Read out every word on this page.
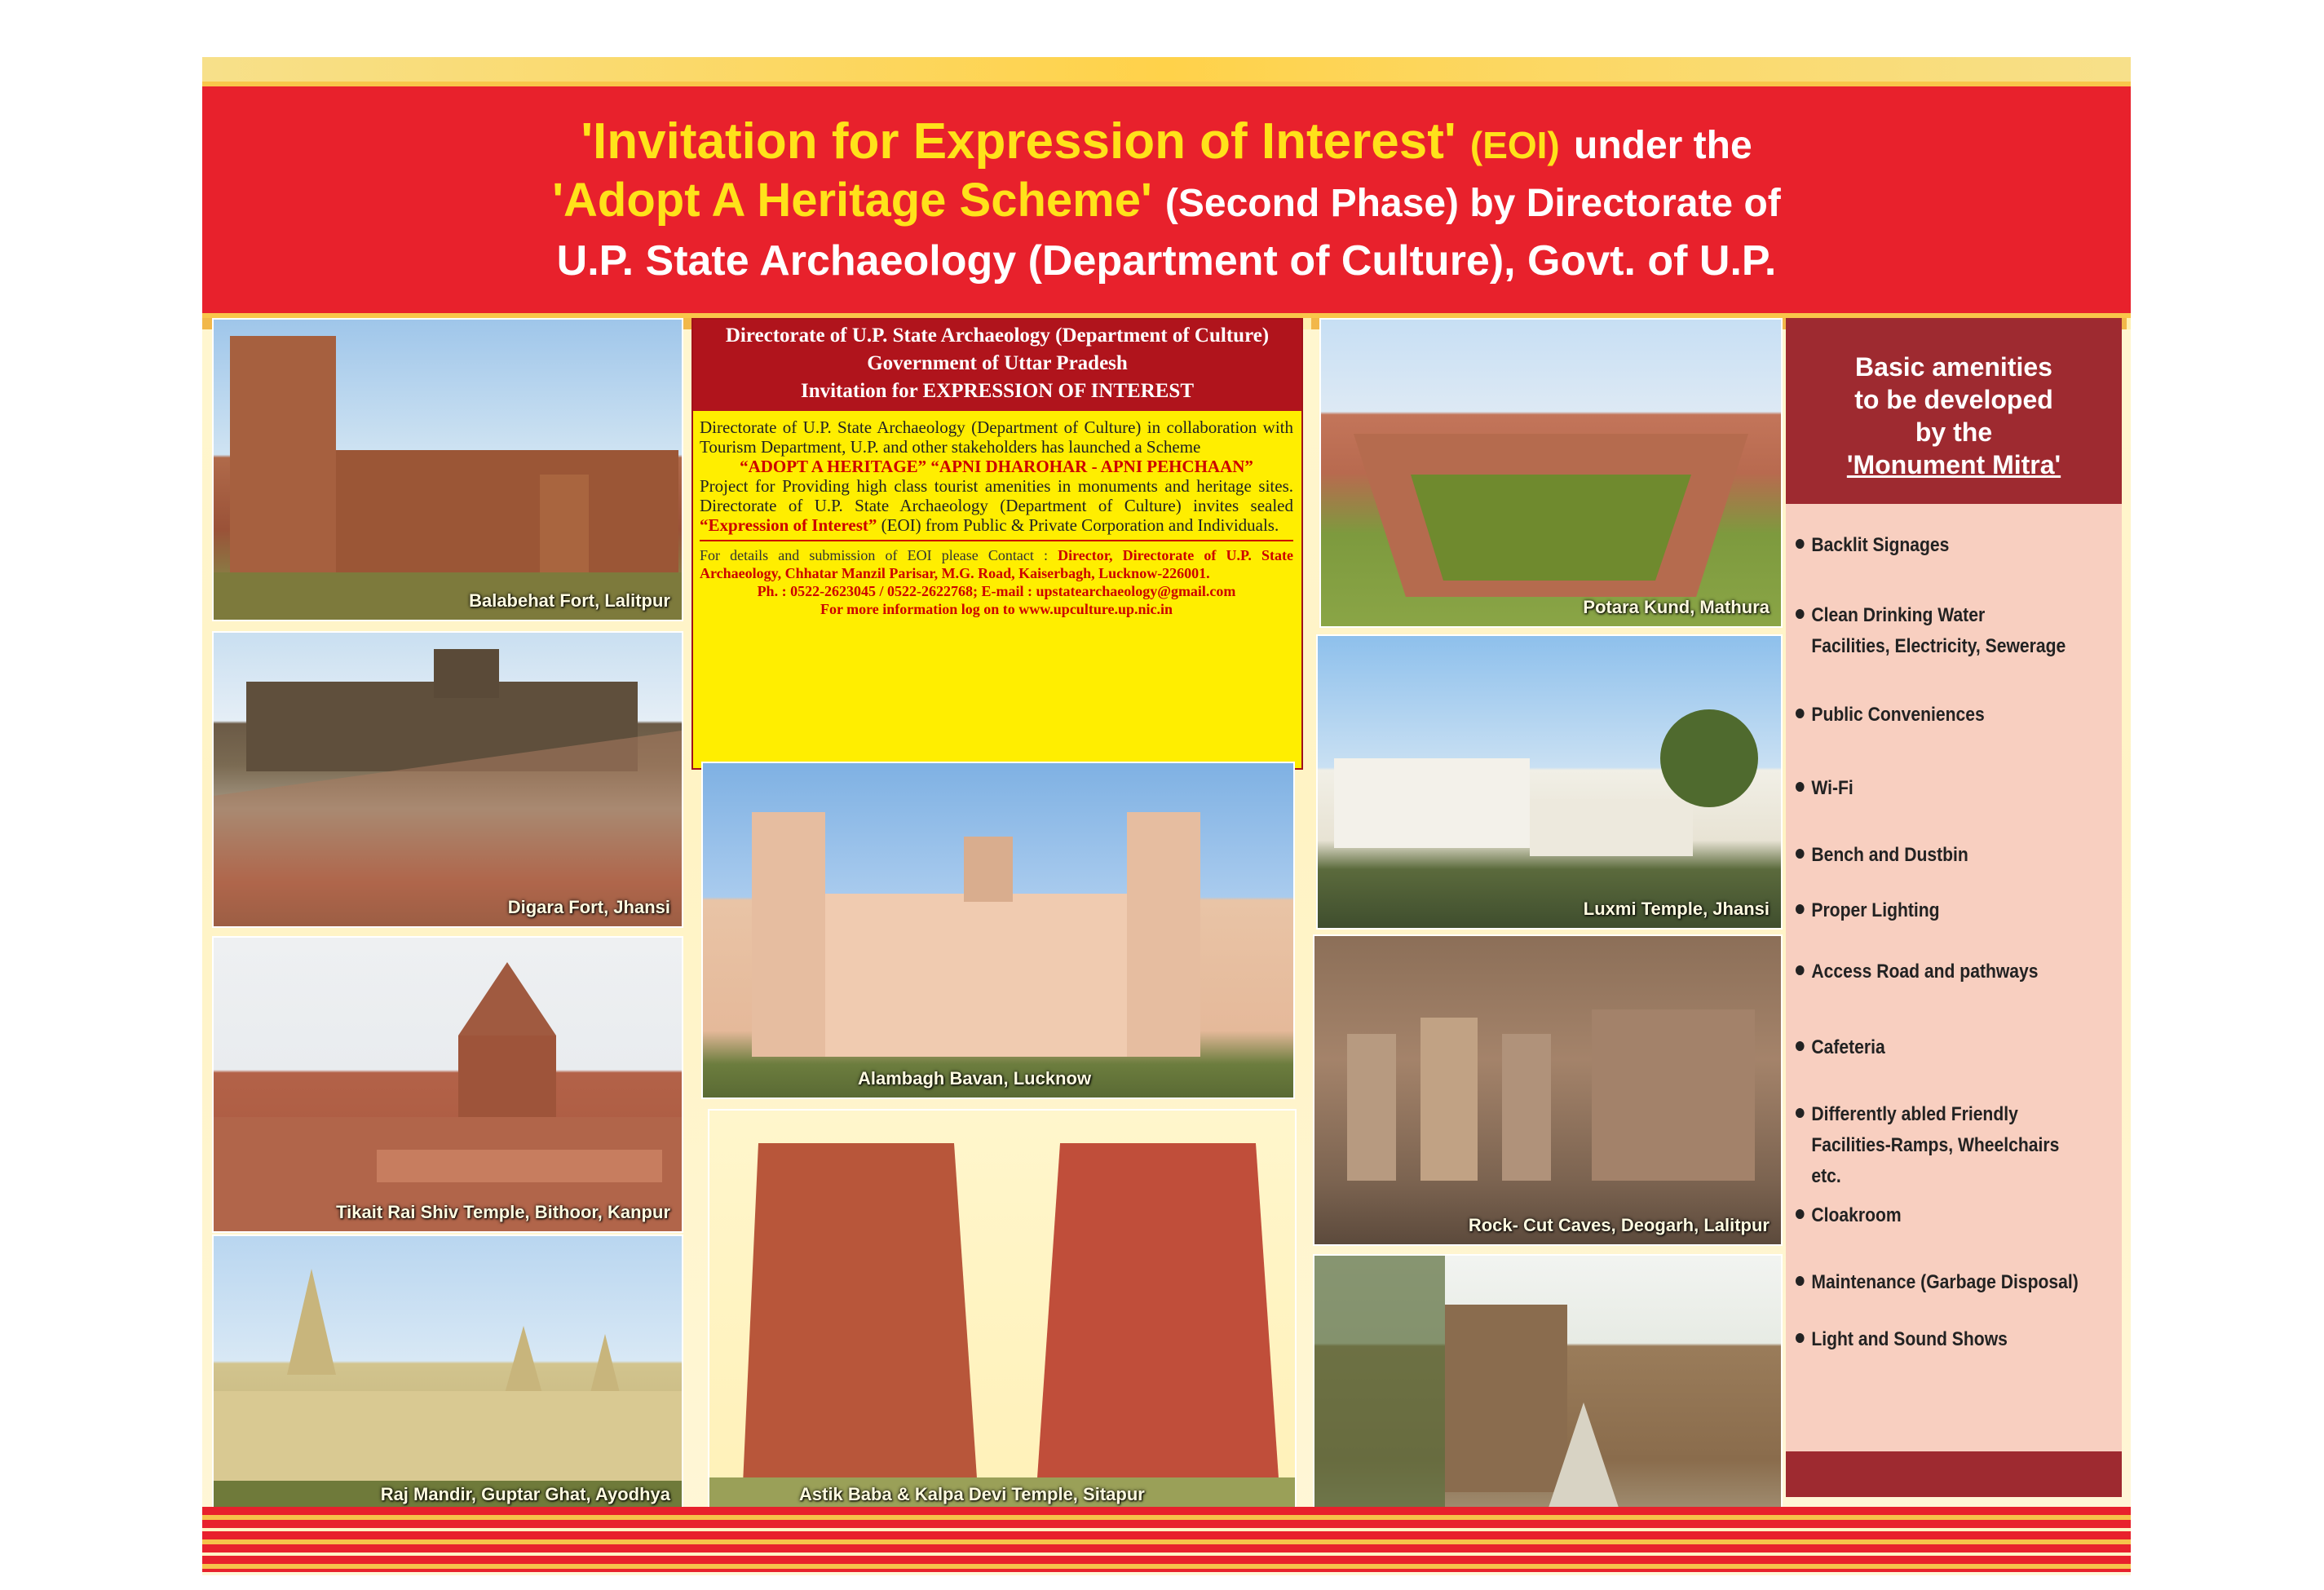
'Invitation for Expression of Interest' (EOI) under the
'Adopt A Heritage Scheme' (Second Phase) by Directorate of
U.P. State Archaeology (Department of Culture), Govt. of U.P.
Balabehat Fort, Lalitpur
Digara Fort, Jhansi
Tikait Rai Shiv Temple, Bithoor, Kanpur
Raj Mandir, Guptar Ghat, Ayodhya
Directorate of U.P. State Archaeology (Department of Culture)
Government of Uttar Pradesh
Invitation for EXPRESSION OF INTEREST
Directorate of U.P. State Archaeology (Department of Culture) in collaboration with Tourism Department, U.P. and other stakeholders has launched a Scheme
“ADOPT A HERITAGE” “APNI DHAROHAR - APNI PEHCHAAN”
Project for Providing high class tourist amenities in monuments and heritage sites. Directorate of U.P. State Archaeology (Department of Culture) invites sealed “Expression of Interest” (EOI) from Public & Private Corporation and Individuals.
For details and submission of EOI please Contact : Director, Directorate of U.P. State Archaeology, Chhatar Manzil Parisar, M.G. Road, Kaiserbagh, Lucknow-226001.
Ph. : 0522-2623045 / 0522-2622768; E-mail : upstatearchaeology@gmail.com
For more information log on to www.upculture.up.nic.in
Alambagh Bavan, Lucknow
Astik Baba & Kalpa Devi Temple, Sitapur
Potara Kund, Mathura
Luxmi Temple, Jhansi
Rock- Cut Caves, Deogarh, Lalitpur
Basic amenities
to be developed
by the
'Monument Mitra'
Backlit Signages
Clean Drinking Water
Facilities, Electricity, Sewerage
Public Conveniences
Wi-Fi
Bench and Dustbin
Proper Lighting
Access Road and pathways
Cafeteria
Differently abled Friendly
Facilities-Ramps, Wheelchairs etc.
Cloakroom
Maintenance (Garbage Disposal)
Light and Sound Shows
